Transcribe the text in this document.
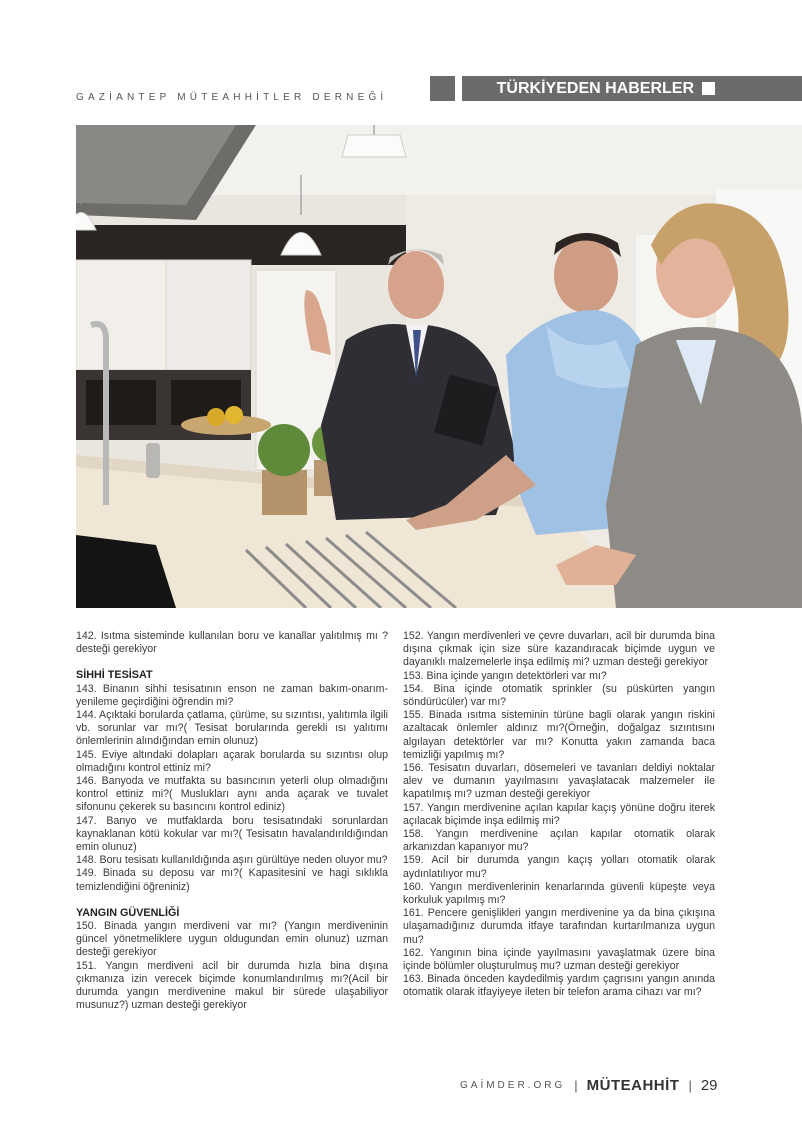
GAZİANTEP MÜTEAHHİTLER DERNEĞİ
TÜRKİYEDEN HABERLER

142. Isıtma sisteminde kullanılan boru ve kanallar yalıtılmış mı ?desteği gerekiyor

SİHHİ TESİSAT

143. Binanın sihhi tesisatının enson ne zaman bakım-onarım-yenileme geçirdiğini öğrendin mi?

144. Açıktaki borularda çatlama, çürüme, su sızıntısı, yalıtımla ilgili vb. sorunlar var mı?( Tesisat borularında gerekli ısı yalıtımı önlemlerinin alındığından emin olunuz)

145. Eviye altındaki dolapları açarak borularda su sızıntısı olup olmadığını kontrol ettiniz mi?

146. Banyoda ve mutfakta su basıncının yeterli olup olmadığını kontrol ettiniz mi?( Muslukları aynı anda açarak ve tuvalet sifonunu çekerek su basıncını kontrol ediniz)

147. Banyo ve mutfaklarda boru tesisatındaki sorunlardan kaynaklanan kötü kokular var mı?( Tesisatın havalandırıldığından emin olunuz)

148. Boru tesisatı kullanıldığında aşırı gürültüye neden oluyor mu?

149. Binada su deposu var mı?( Kapasitesini ve hagi sıklıkla temizlendiğini öğreniniz)

YANGIN GÜVENLİĞİ

150. Binada yangın merdiveni var mı? (Yangın merdiveninin güncel yönetmeliklere uygun oldugundan emin olunuz) uzman desteği gerekiyor

151. Yangın merdiveni acil bir durumda hızla bina dışına çıkmanıza izin verecek biçimde konumlandırılmış mı?(Acil bir durumda yangın merdivenine makul bir sürede ulaşabiliyor musunuz?) uzman desteği gerekiyor

152. Yangın merdivenleri ve çevre duvarları, acil bir durumda bina dışına çıkmak için size süre kazandıracak biçimde uygun ve dayanıklı malzemelerle inşa edilmiş mi? uzman desteği gerekiyor

153. Bina içinde yangın detektörleri var mı?

154. Bina içinde otomatik sprinkler (su püskürten yangın söndürücüler) var mı?

155. Binada ısıtma sisteminin türüne bagli olarak yangın riskini azaltacak önlemler aldınız mı?(Örneğin, doğalgaz sızıntısını algılayan detektörler var mı? Konutta yakın zamanda baca temizliği yapılmış mı?

156. Tesisatın duvarları, dösemeleri ve tavanları deldiyi noktalar alev ve dumanın yayılmasını yavaşlatacak malzemeler ile kapatılmış mı? uzman desteği gerekiyor

157. Yangın merdivenine açılan kapılar kaçış yönüne doğru iterek açılacak biçimde inşa edilmiş mi?

158. Yangın merdivenine açılan kapılar otomatik olarak arkanızdan kapanıyor mu?

159. Acil bir durumda yangın kaçış yolları otomatik olarak aydınlatılıyor mu?

160. Yangın merdivenlerinin kenarlarında güvenli küpeşte veya korkuluk yapılmış mı?

161. Pencere genişlikleri yangın merdivenine ya da bina çıkışına ulaşamadığınız durumda itfaye tarafından kurtarılmanıza uygun mu?

162. Yangının bina içinde yayılmasını yavaşlatmak üzere bina içinde bölümler oluşturulmuş mu? uzman desteği gerekiyor

163. Binada önceden kaydedilmiş yardım çagrısını yangın anında otomatik olarak itfayiyeye ileten bir telefon arama cihazı var mı?

GAİMDER.ORG | MÜTEAHHİT | 29
